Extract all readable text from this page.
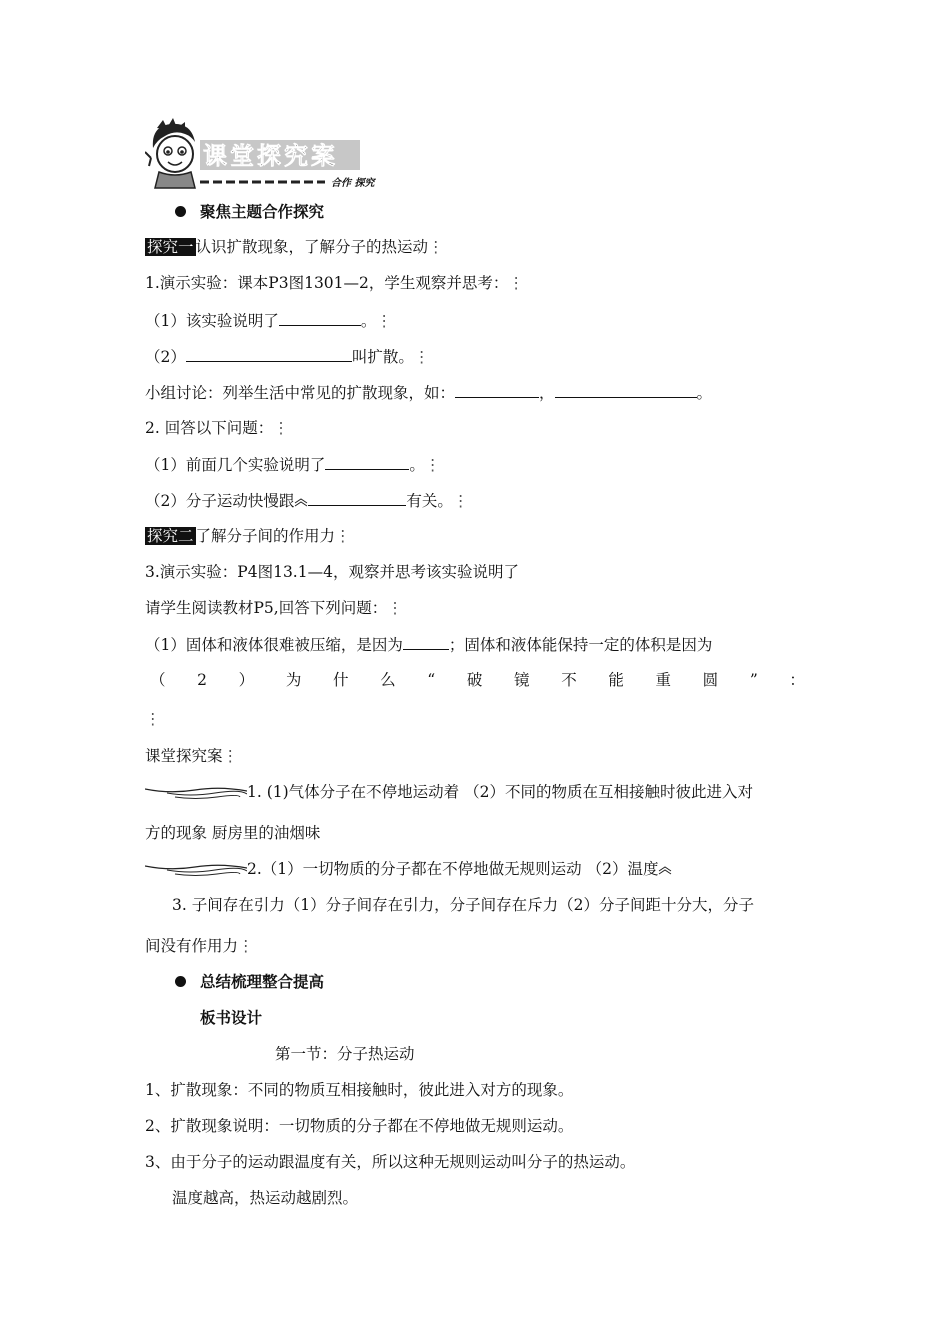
课堂探究案
合作 探究
聚焦主题合作探究
探究一 认识扩散现象，了解分子的热运动⋮
1.演示实验：课本P3图1301—2，学生观察并思考：⋮
（1）该实验说明了	。⋮
（2）	叫扩散。⋮
小组讨论：列举生活中常见的扩散现象，如：	，	。
2. 回答以下问题：⋮
（1）前面几个实验说明了	。⋮
（2）分子运动快慢跟	有关。⋮
探究二 了解分子间的作用力⋮
3.演示实验：P4图13.1—4，观察并思考该实验说明了
请学生阅读教材P5,回答下列问题：⋮
（1）固体和液体很难被压缩，是因为	；固体和液体能保持一定的体积是因为
（ 2 ） 为 什 么 “ 破 镜 不 能 重 圆 ” ：
⋮
课堂探究案⋮
1. (1)气体分子在不停地运动着 （2）不同的物质在互相接触时彼此进入对
方的现象 厨房里的油烟味
2.（1）一切物质的分子都在不停地做无规则运动 （2）温度
3. 子间存在引力（1）分子间存在引力，分子间存在斥力（2）分子间距十分大，分子
间没有作用力⋮
总结梳理整合提高
板书设计
第一节：分子热运动
1、扩散现象：不同的物质互相接触时，彼此进入对方的现象。
2、扩散现象说明：一切物质的分子都在不停地做无规则运动。
3、由于分子的运动跟温度有关，所以这种无规则运动叫分子的热运动。
温度越高，热运动越剧烈。
